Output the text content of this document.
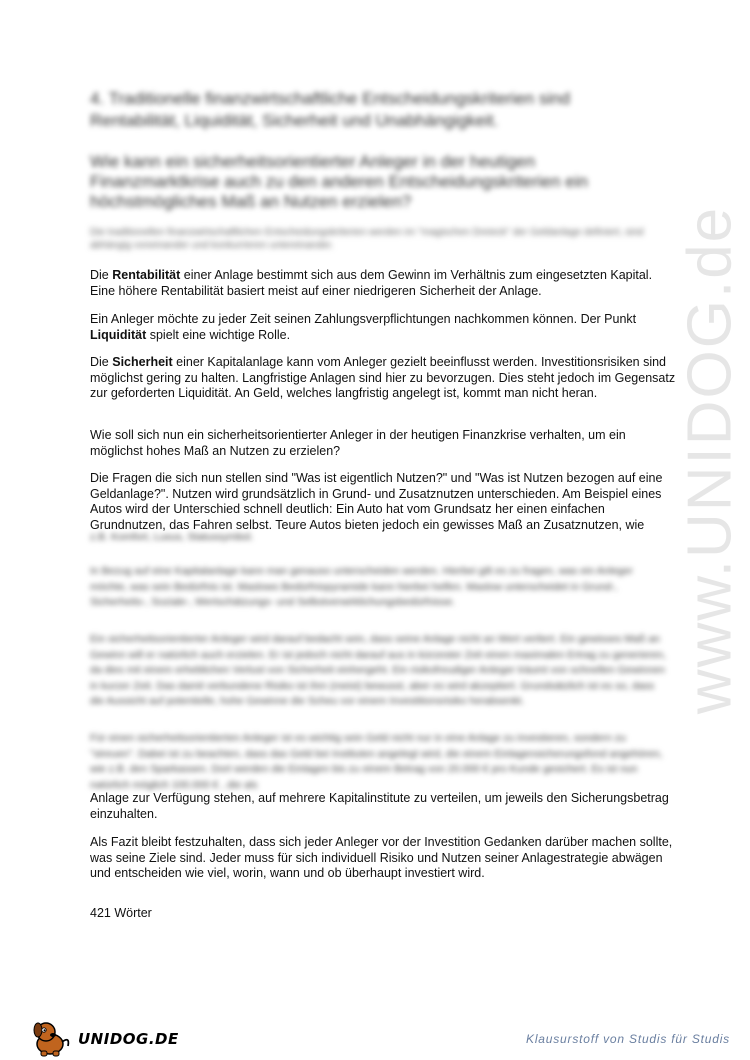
www.UNIDOG.de
4. Traditionelle finanzwirtschaftliche Entscheidungskriterien sind Rentabilität, Liquidität, Sicherheit und Unabhängigkeit.
Wie kann ein sicherheitsorientierter Anleger in der heutigen Finanzmarktkrise auch zu den anderen Entscheidungskriterien ein höchstmögliches Maß an Nutzen erzielen?
Die traditionellen finanzwirtschaftlichen Entscheidungskriterien werden im "magischen Dreieck" der Geldanlage definiert, sind abhängig voneinander und konkurrieren untereinander.

Die Rentabilität einer Anlage bestimmt sich aus dem Gewinn im Verhältnis zum eingesetzten Kapital. Eine höhere Rentabilität basiert meist auf einer niedrigeren Sicherheit der Anlage.

Ein Anleger möchte zu jeder Zeit seinen Zahlungsverpflichtungen nachkommen können. Der Punkt Liquidität spielt eine wichtige Rolle.

Die Sicherheit einer Kapitalanlage kann vom Anleger gezielt beeinflusst werden. Investitionsrisiken sind möglichst gering zu halten. Langfristige Anlagen sind hier zu bevorzugen. Dies steht jedoch im Gegensatz zur geforderten Liquidität. An Geld, welches langfristig angelegt ist, kommt man nicht heran.

Wie soll sich nun ein sicherheitsorientierter Anleger in der heutigen Finanzkrise verhalten, um ein möglichst hohes Maß an Nutzen zu erzielen?

Die Fragen die sich nun stellen sind "Was ist eigentlich Nutzen?" und "Was ist Nutzen bezogen auf eine Geldanlage?". Nutzen wird grundsätzlich in Grund- und Zusatznutzen unterschieden. Am Beispiel eines Autos wird der Unterschied schnell deutlich: Ein Auto hat vom Grundsatz her einen einfachen Grundnutzen, das Fahren selbst. Teure Autos bieten jedoch ein gewisses Maß an Zusatznutzen, wie

z.B. Komfort, Luxus, Statussymbol.

In Bezug auf eine Kapitalanlage kann man genauso unterscheiden werden. Hierbei gilt es zu fragen, was ein Anleger möchte, was sein Bedürfnis ist. Maslows Bedürfnispyramide kann hierbei helfen. Maslow unterscheidet in Grund-, Sicherheits-, Soziale-, Wertschätzungs- und Selbstverwirklichungsbedürfnisse.

Ein sicherheitsorientierter Anleger wird darauf bedacht sein, dass seine Anlage nicht an Wert verliert. Ein gewisses Maß an Gewinn will er natürlich auch erzielen. Er ist jedoch nicht darauf aus in kürzester Zeit einen maximalen Ertrag zu generieren, da dies mit einem erheblichen Verlust von Sicherheit einhergeht. Ein risikofreudiger Anleger träumt von schnellen Gewinnen in kurzer Zeit. Das damit verbundene Risiko ist ihm (meist) bewusst, aber es wird akzeptiert. Grundsätzlich ist es so, dass die Aussicht auf potentielle, hohe Gewinne die Scheu vor einem Investitionsrisiko herabsenkt.

Für einen sicherheitsorientierten Anleger ist es wichtig sein Geld nicht nur in eine Anlage zu investieren, sondern zu "streuen". Dabei ist zu beachten, dass das Geld bei Instituten angelegt wird, die einem Einlagensicherungsfond angehören, wie z.B. den Sparkassen. Dort werden die Einlagen bis zu einem Betrag von 20.000 € pro Kunde gesichert. Es ist nun natürlich möglich 100.000 € , die als

Anlage zur Verfügung stehen, auf mehrere Kapitalinstitute zu verteilen, um jeweils den Sicherungsbetrag einzuhalten.

Als Fazit bleibt festzuhalten, dass sich jeder Anleger vor der Investition Gedanken darüber machen sollte, was seine Ziele sind. Jeder muss für sich individuell Risiko und Nutzen seiner Anlagestrategie abwägen und entscheiden wie viel, worin, wann und ob überhaupt investiert wird.

421 Wörter

UNIDOG.DE	Klausurstoff von Studis für Studis
